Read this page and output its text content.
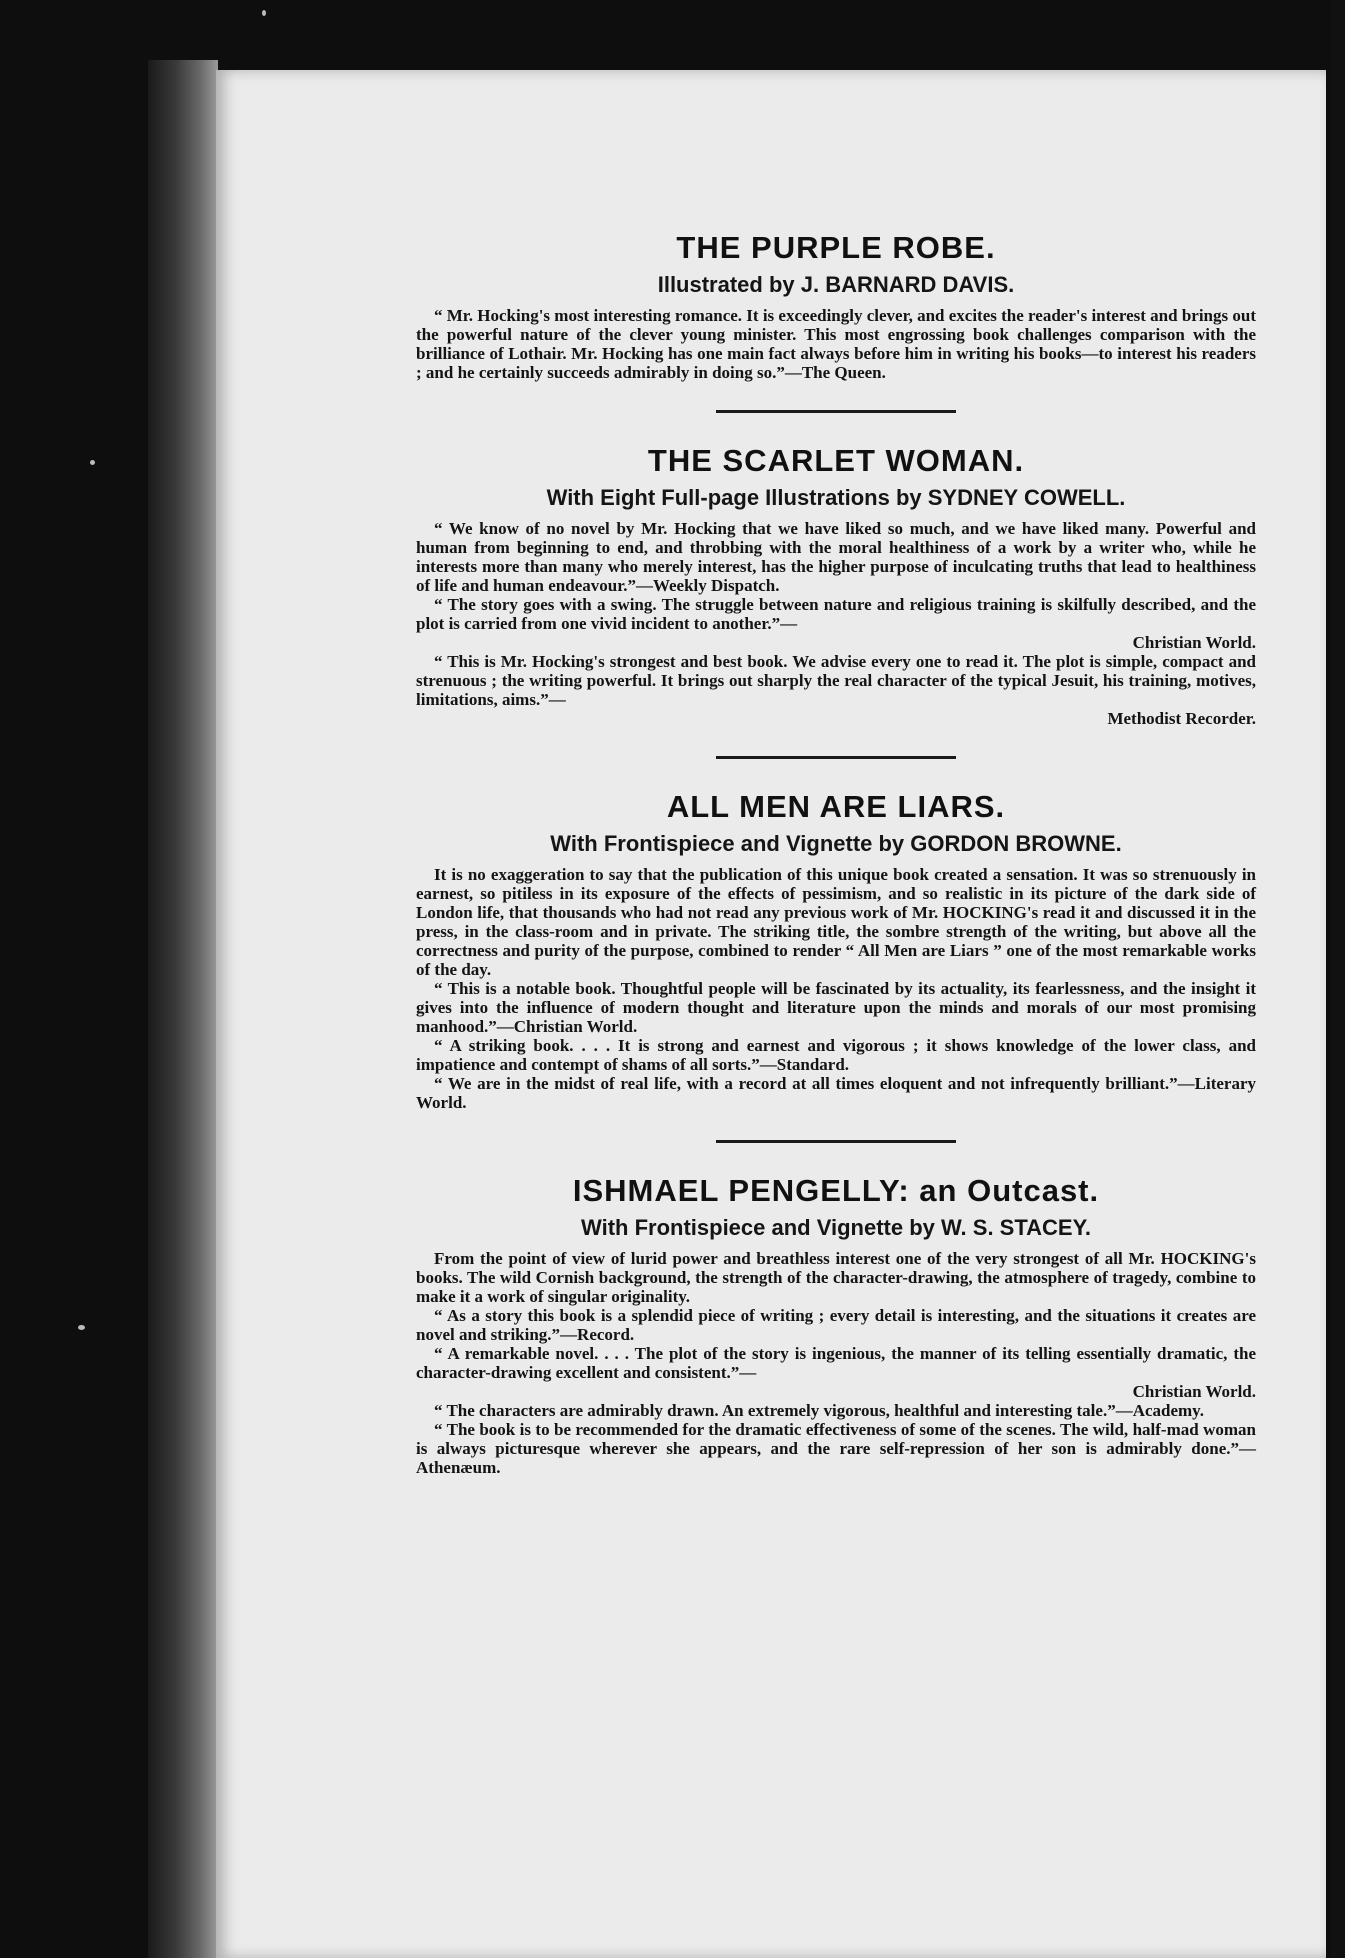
THE PURPLE ROBE.
Illustrated by J. BARNARD DAVIS.

“ Mr. Hocking's most interesting romance. It is exceedingly clever, and excites the reader's interest and brings out the powerful nature of the clever young minister. This most engrossing book challenges comparison with the brilliance of Lothair. Mr. Hocking has one main fact always before him in writing his books—to interest his readers ; and he certainly succeeds admirably in doing so.”—The Queen.

THE SCARLET WOMAN.
With Eight Full-page Illustrations by SYDNEY COWELL.

“ We know of no novel by Mr. Hocking that we have liked so much, and we have liked many. Powerful and human from beginning to end, and throbbing with the moral healthiness of a work by a writer who, while he interests more than many who merely interest, has the higher purpose of inculcating truths that lead to healthiness of life and human endeavour.”—Weekly Dispatch.

“ The story goes with a swing. The struggle between nature and religious training is skilfully described, and the plot is carried from one vivid incident to another.”—

Christian World.

“ This is Mr. Hocking's strongest and best book. We advise every one to read it. The plot is simple, compact and strenuous ; the writing powerful. It brings out sharply the real character of the typical Jesuit, his training, motives, limitations, aims.”—

Methodist Recorder.

ALL MEN ARE LIARS.
With Frontispiece and Vignette by GORDON BROWNE.

It is no exaggeration to say that the publication of this unique book created a sensation. It was so strenuously in earnest, so pitiless in its exposure of the effects of pessimism, and so realistic in its picture of the dark side of London life, that thousands who had not read any previous work of Mr. HOCKING's read it and discussed it in the press, in the class-room and in private. The striking title, the sombre strength of the writing, but above all the correctness and purity of the purpose, combined to render “ All Men are Liars ” one of the most remarkable works of the day.

“ This is a notable book. Thoughtful people will be fascinated by its actuality, its fearlessness, and the insight it gives into the influence of modern thought and literature upon the minds and morals of our most promising manhood.”—Christian World.

“ A striking book. . . . It is strong and earnest and vigorous ; it shows knowledge of the lower class, and impatience and contempt of shams of all sorts.”—Standard.

“ We are in the midst of real life, with a record at all times eloquent and not infrequently brilliant.”—Literary World.

ISHMAEL PENGELLY: an Outcast.
With Frontispiece and Vignette by W. S. STACEY.

From the point of view of lurid power and breathless interest one of the very strongest of all Mr. HOCKING's books. The wild Cornish background, the strength of the character-drawing, the atmosphere of tragedy, combine to make it a work of singular originality.

“ As a story this book is a splendid piece of writing ; every detail is interesting, and the situations it creates are novel and striking.”—Record.

“ A remarkable novel. . . . The plot of the story is ingenious, the manner of its telling essentially dramatic, the character-drawing excellent and consistent.”—

Christian World.

“ The characters are admirably drawn. An extremely vigorous, healthful and interesting tale.”—Academy.

“ The book is to be recommended for the dramatic effectiveness of some of the scenes. The wild, half-mad woman is always picturesque wherever she appears, and the rare self-repression of her son is admirably done.”—Athenæum.
